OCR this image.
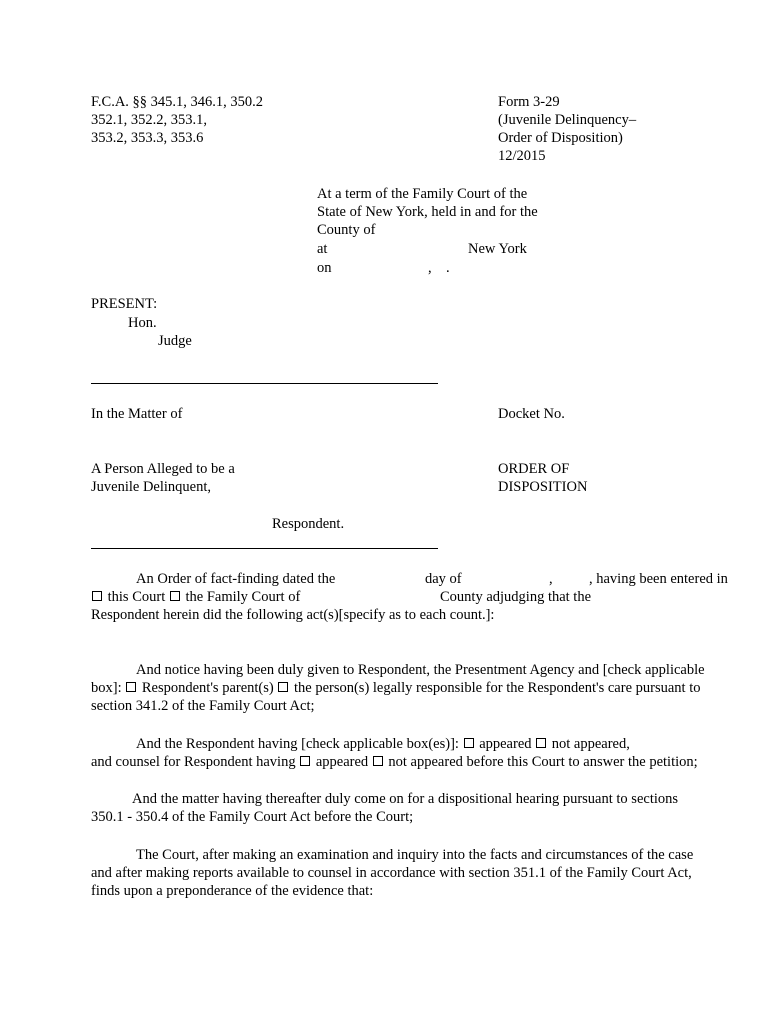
F.C.A. §§ 345.1, 346.1, 350.2
352.1, 352.2, 353.1,
353.2, 353.3, 353.6
Form 3-29
(Juvenile Delinquency–
Order of Disposition)
12/2015
At a term of the Family Court of the
State of New York, held in and for the
County of
at	New York
on	, .
PRESENT:
Hon.
Judge
In the Matter of	Docket No.
A Person Alleged to be a
Juvenile Delinquent,
ORDER OF
DISPOSITION
Respondent.
An Order of fact-finding dated the	day of	,	, having been entered in
this Court the Family Court of	County adjudging that the
Respondent herein did the following act(s)[specify as to each count.]:
And notice having been duly given to Respondent, the Presentment Agency and [check applicable
box]: Respondent's parent(s) the person(s) legally responsible for the Respondent's care pursuant to
section 341.2 of the Family Court Act;
And the Respondent having [check applicable box(es)]: appeared not appeared,
and counsel for Respondent having appeared not appeared before this Court to answer the petition;
And the matter having thereafter duly come on for a dispositional hearing pursuant to sections
350.1 - 350.4 of the Family Court Act before the Court;
The Court, after making an examination and inquiry into the facts and circumstances of the case
and after making reports available to counsel in accordance with section 351.1 of the Family Court Act,
finds upon a preponderance of the evidence that:
